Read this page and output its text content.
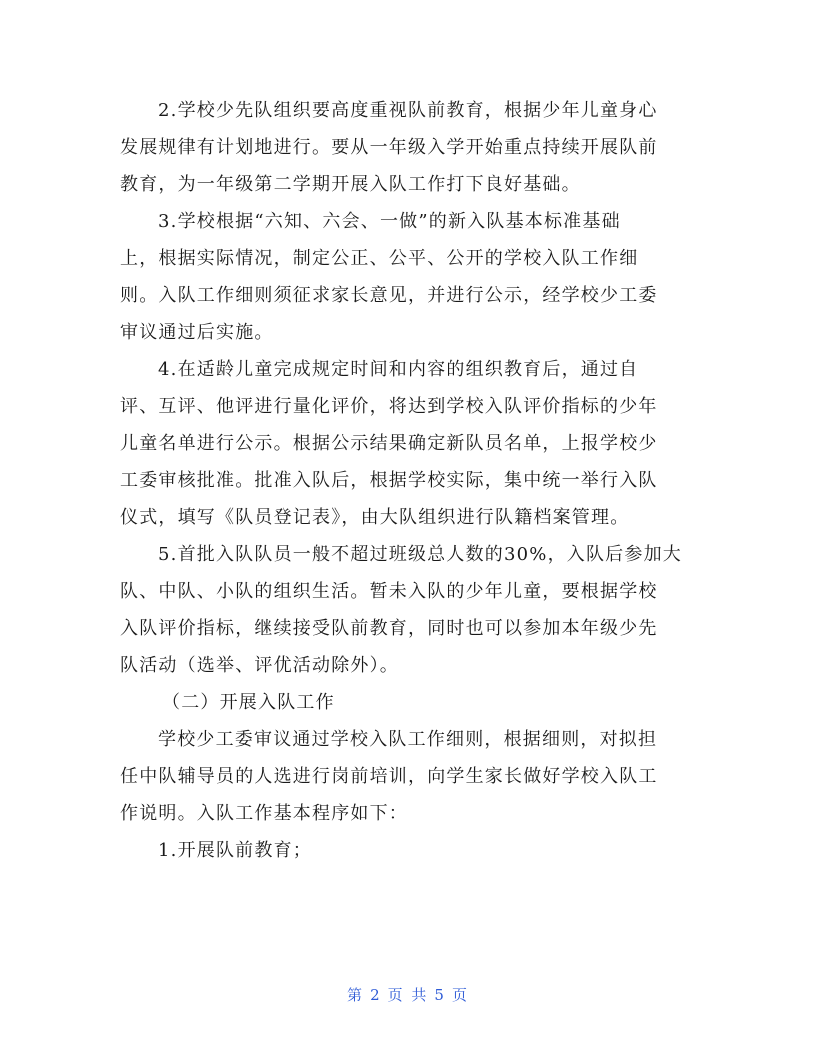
2.学校少先队组织要高度重视队前教育，根据少年儿童身心
发展规律有计划地进行。要从一年级入学开始重点持续开展队前
教育，为一年级第二学期开展入队工作打下良好基础。

3.学校根据“六知、六会、一做”的新入队基本标准基础
上，根据实际情况，制定公正、公平、公开的学校入队工作细
则。入队工作细则须征求家长意见，并进行公示，经学校少工委
审议通过后实施。

4.在适龄儿童完成规定时间和内容的组织教育后，通过自
评、互评、他评进行量化评价，将达到学校入队评价指标的少年
儿童名单进行公示。根据公示结果确定新队员名单，上报学校少
工委审核批准。批准入队后，根据学校实际，集中统一举行入队
仪式，填写《队员登记表》，由大队组织进行队籍档案管理。

5.首批入队队员一般不超过班级总人数的30%，入队后参加大
队、中队、小队的组织生活。暂未入队的少年儿童，要根据学校
入队评价指标，继续接受队前教育，同时也可以参加本年级少先
队活动（选举、评优活动除外）。

（二）开展入队工作

学校少工委审议通过学校入队工作细则，根据细则，对拟担
任中队辅导员的人选进行岗前培训，向学生家长做好学校入队工
作说明。入队工作基本程序如下：

1.开展队前教育；

第 2 页 共 5 页
